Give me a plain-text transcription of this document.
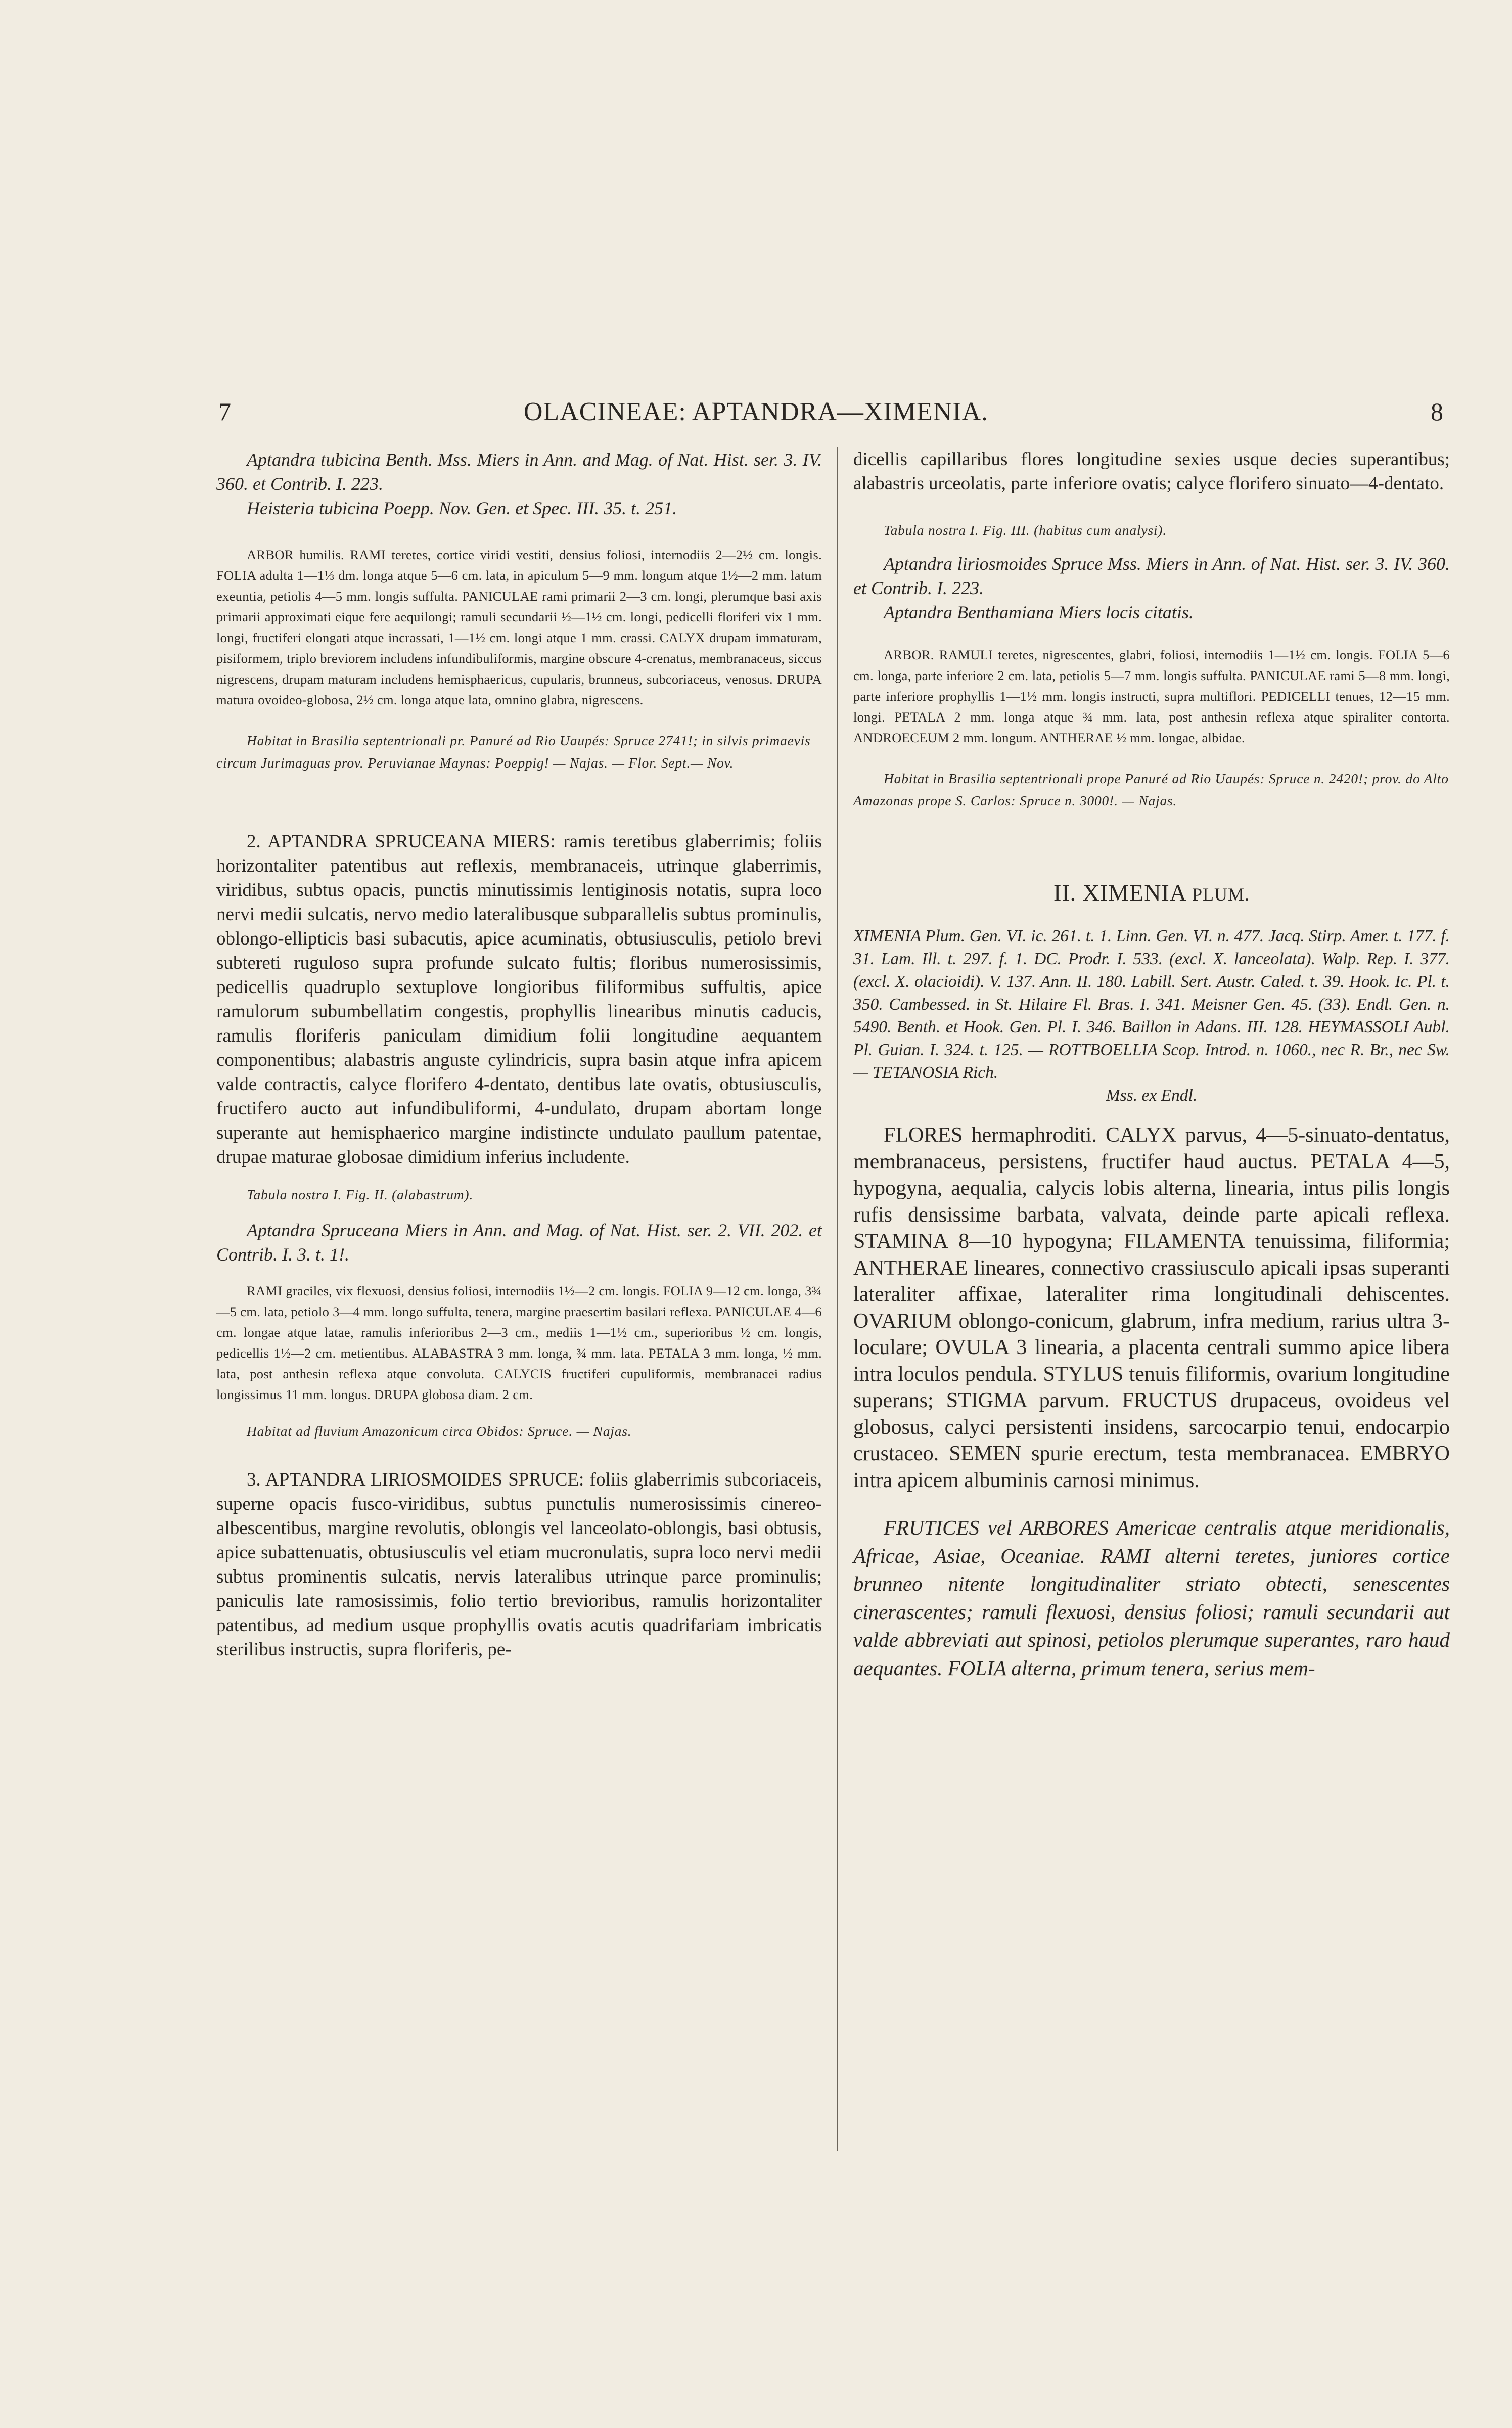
7	OLACINEAE: APTANDRA—XIMENIA.	8

Aptandra tubicina Benth. Mss. Miers in Ann. and Mag. of Nat. Hist. ser. 3. IV. 360. et Contrib. I. 223.

Heisteria tubicina Poepp. Nov. Gen. et Spec. III. 35. t. 251.

ARBOR humilis. RAMI teretes, cortice viridi vestiti, densius foliosi, internodiis 2—2½ cm. longis. FOLIA adulta 1—1⅓ dm. longa atque 5—6 cm. lata, in apiculum 5—9 mm. longum atque 1½—2 mm. latum exeuntia, petiolis 4—5 mm. longis suffulta. PANICULAE rami primarii 2—3 cm. longi, plerumque basi axis primarii approximati eique fere aequilongi; ramuli secundarii ½—1½ cm. longi, pedicelli floriferi vix 1 mm. longi, fructiferi elongati atque incrassati, 1—1½ cm. longi atque 1 mm. crassi. CALYX drupam immaturam, pisiformem, triplo breviorem includens infundibuliformis, margine obscure 4-crenatus, membranaceus, siccus nigrescens, drupam maturam includens hemisphaericus, cupularis, brunneus, subcoriaceus, venosus. DRUPA matura ovoideo-globosa, 2½ cm. longa atque lata, omnino glabra, nigrescens.

Habitat in Brasilia septentrionali pr. Panuré ad Rio Uaupés: Spruce 2741!; in silvis primaevis circum Jurimaguas prov. Peruvianae Maynas: Poeppig! — Najas. — Flor. Sept.— Nov.

2. APTANDRA SPRUCEANA MIERS: ramis teretibus glaberrimis; foliis horizontaliter patentibus aut reflexis, membranaceis, utrinque glaberrimis, viridibus, subtus opacis, punctis minutissimis lentiginosis notatis, supra loco nervi medii sulcatis, nervo medio lateralibusque subparallelis subtus prominulis, oblongo-ellipticis basi subacutis, apice acuminatis, obtusiusculis, petiolo brevi subtereti ruguloso supra profunde sulcato fultis; floribus numerosissimis, pedicellis quadruplo sextuplove longioribus filiformibus suffultis, apice ramulorum subumbellatim congestis, prophyllis linearibus minutis caducis, ramulis floriferis paniculam dimidium folii longitudine aequantem componentibus; alabastris anguste cylindricis, supra basin atque infra apicem valde contractis, calyce florifero 4-dentato, dentibus late ovatis, obtusiusculis, fructifero aucto aut infundibuliformi, 4-undulato, drupam abortam longe superante aut hemisphaerico margine indistincte undulato paullum patentae, drupae maturae globosae dimidium inferius includente.

Tabula nostra I. Fig. II. (alabastrum).

Aptandra Spruceana Miers in Ann. and Mag. of Nat. Hist. ser. 2. VII. 202. et Contrib. I. 3. t. 1!.

RAMI graciles, vix flexuosi, densius foliosi, internodiis 1½—2 cm. longis. FOLIA 9—12 cm. longa, 3¾—5 cm. lata, petiolo 3—4 mm. longo suffulta, tenera, margine praesertim basilari reflexa. PANICULAE 4—6 cm. longae atque latae, ramulis inferioribus 2—3 cm., mediis 1—1½ cm., superioribus ½ cm. longis, pedicellis 1½—2 cm. metientibus. ALABASTRA 3 mm. longa, ¾ mm. lata. PETALA 3 mm. longa, ½ mm. lata, post anthesin reflexa atque convoluta. CALYCIS fructiferi cupuliformis, membranacei radius longissimus 11 mm. longus. DRUPA globosa diam. 2 cm.

Habitat ad fluvium Amazonicum circa Obidos: Spruce. — Najas.

3. APTANDRA LIRIOSMOIDES SPRUCE: foliis glaberrimis subcoriaceis, superne opacis fusco-viridibus, subtus punctulis numerosissimis cinereo-albescentibus, margine revolutis, oblongis vel lanceolato-oblongis, basi obtusis, apice subattenuatis, obtusiusculis vel etiam mucronulatis, supra loco nervi medii subtus prominentis sulcatis, nervis lateralibus utrinque parce prominulis; paniculis late ramosissimis, folio tertio brevioribus, ramulis horizontaliter patentibus, ad medium usque prophyllis ovatis acutis quadrifariam imbricatis sterilibus instructis, supra floriferis, pe-

dicellis capillaribus flores longitudine sexies usque decies superantibus; alabastris urceolatis, parte inferiore ovatis; calyce florifero sinuato—4-dentato.

Tabula nostra I. Fig. III. (habitus cum analysi).

Aptandra liriosmoides Spruce Mss. Miers in Ann. of Nat. Hist. ser. 3. IV. 360. et Contrib. I. 223.

Aptandra Benthamiana Miers locis citatis.

ARBOR. RAMULI teretes, nigrescentes, glabri, foliosi, internodiis 1—1½ cm. longis. FOLIA 5—6 cm. longa, parte inferiore 2 cm. lata, petiolis 5—7 mm. longis suffulta. PANICULAE rami 5—8 mm. longi, parte inferiore prophyllis 1—1½ mm. longis instructi, supra multiflori. PEDICELLI tenues, 12—15 mm. longi. PETALA 2 mm. longa atque ¾ mm. lata, post anthesin reflexa atque spiraliter contorta. ANDROECEUM 2 mm. longum. ANTHERAE ½ mm. longae, albidae.

Habitat in Brasilia septentrionali prope Panuré ad Rio Uaupés: Spruce n. 2420!; prov. do Alto Amazonas prope S. Carlos: Spruce n. 3000!. — Najas.

II. XIMENIA PLUM.

XIMENIA Plum. Gen. VI. ic. 261. t. 1. Linn. Gen. VI. n. 477. Jacq. Stirp. Amer. t. 177. f. 31. Lam. Ill. t. 297. f. 1. DC. Prodr. I. 533. (excl. X. lanceolata). Walp. Rep. I. 377. (excl. X. olacioidi). V. 137. Ann. II. 180. Labill. Sert. Austr. Caled. t. 39. Hook. Ic. Pl. t. 350. Cambessed. in St. Hilaire Fl. Bras. I. 341. Meisner Gen. 45. (33). Endl. Gen. n. 5490. Benth. et Hook. Gen. Pl. I. 346. Baillon in Adans. III. 128. HEYMASSOLI Aubl. Pl. Guian. I. 324. t. 125. — ROTTBOELLIA Scop. Introd. n. 1060., nec R. Br., nec Sw. — TETANOSIA Rich.

Mss. ex Endl.

FLORES hermaphroditi. CALYX parvus, 4—5-sinuato-dentatus, membranaceus, persistens, fructifer haud auctus. PETALA 4—5, hypogyna, aequalia, calycis lobis alterna, linearia, intus pilis longis rufis densissime barbata, valvata, deinde parte apicali reflexa. STAMINA 8—10 hypogyna; FILAMENTA tenuissima, filiformia; ANTHERAE lineares, connectivo crassiusculo apicali ipsas superanti lateraliter affixae, lateraliter rima longitudinali dehiscentes. OVARIUM oblongo-conicum, glabrum, infra medium, rarius ultra 3-loculare; OVULA 3 linearia, a placenta centrali summo apice libera intra loculos pendula. STYLUS tenuis filiformis, ovarium longitudine superans; STIGMA parvum. FRUCTUS drupaceus, ovoideus vel globosus, calyci persistenti insidens, sarcocarpio tenui, endocarpio crustaceo. SEMEN spurie erectum, testa membranacea. EMBRYO intra apicem albuminis carnosi minimus.

FRUTICES vel ARBORES Americae centralis atque meridionalis, Africae, Asiae, Oceaniae. RAMI alterni teretes, juniores cortice brunneo nitente longitudinaliter striato obtecti, senescentes cinerascentes; ramuli flexuosi, densius foliosi; ramuli secundarii aut valde abbreviati aut spinosi, petiolos plerumque superantes, raro haud aequantes. FOLIA alterna, primum tenera, serius mem-
